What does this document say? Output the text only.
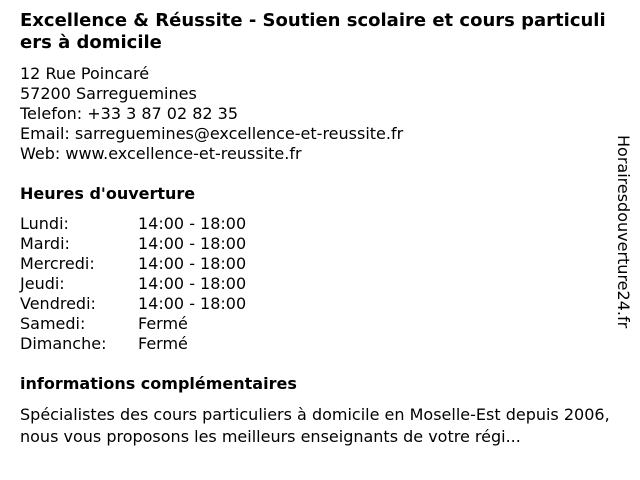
Excellence & Réussite - Soutien scolaire et cours particuliers à domicile
12 Rue Poincaré
57200 Sarreguemines
Telefon: +33 3 87 02 82 35
Email: sarreguemines@excellence-et-reussite.fr
Web: www.excellence-et-reussite.fr
Heures d'ouverture
Lundi:	14:00 - 18:00
Mardi:	14:00 - 18:00
Mercredi:	14:00 - 18:00
Jeudi:	14:00 - 18:00
Vendredi:	14:00 - 18:00
Samedi:	Fermé
Dimanche:	Fermé
informations complémentaires
Spécialistes des cours particuliers à domicile en Moselle-Est depuis 2006, nous vous proposons les meilleurs enseignants de votre régi...
Horairesdouverture24.fr
